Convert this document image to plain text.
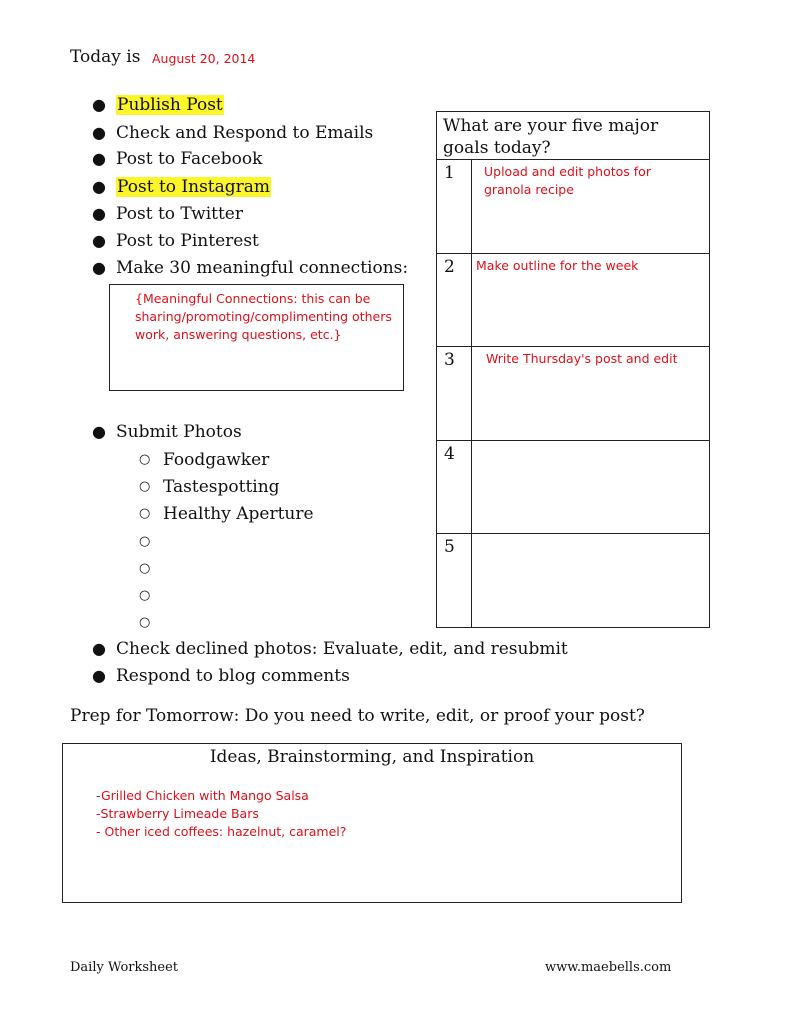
Today is August 20, 2014
● Publish Post
● Check and Respond to Emails
● Post to Facebook
● Post to Instagram
● Post to Twitter
● Post to Pinterest
● Make 30 meaningful connections:
● Submit Photos
○ Foodgawker
○ Tastespotting
○ Healthy Aperture
○
○
○
○
● Check declined photos: Evaluate, edit, and resubmit
● Respond to blog comments
{Meaningful Connections: this can be sharing/promoting/complimenting others work, answering questions, etc.}
What are your five major goals today?
1 Upload and edit photos for granola recipe
2 Make outline for the week
3 Write Thursday's post and edit
4
5
Prep for Tomorrow: Do you need to write, edit, or proof your post?
Ideas, Brainstorming, and Inspiration
-Grilled Chicken with Mango Salsa
-Strawberry Limeade Bars
- Other iced coffees: hazelnut, caramel?
Daily Worksheet	www.maebells.com
